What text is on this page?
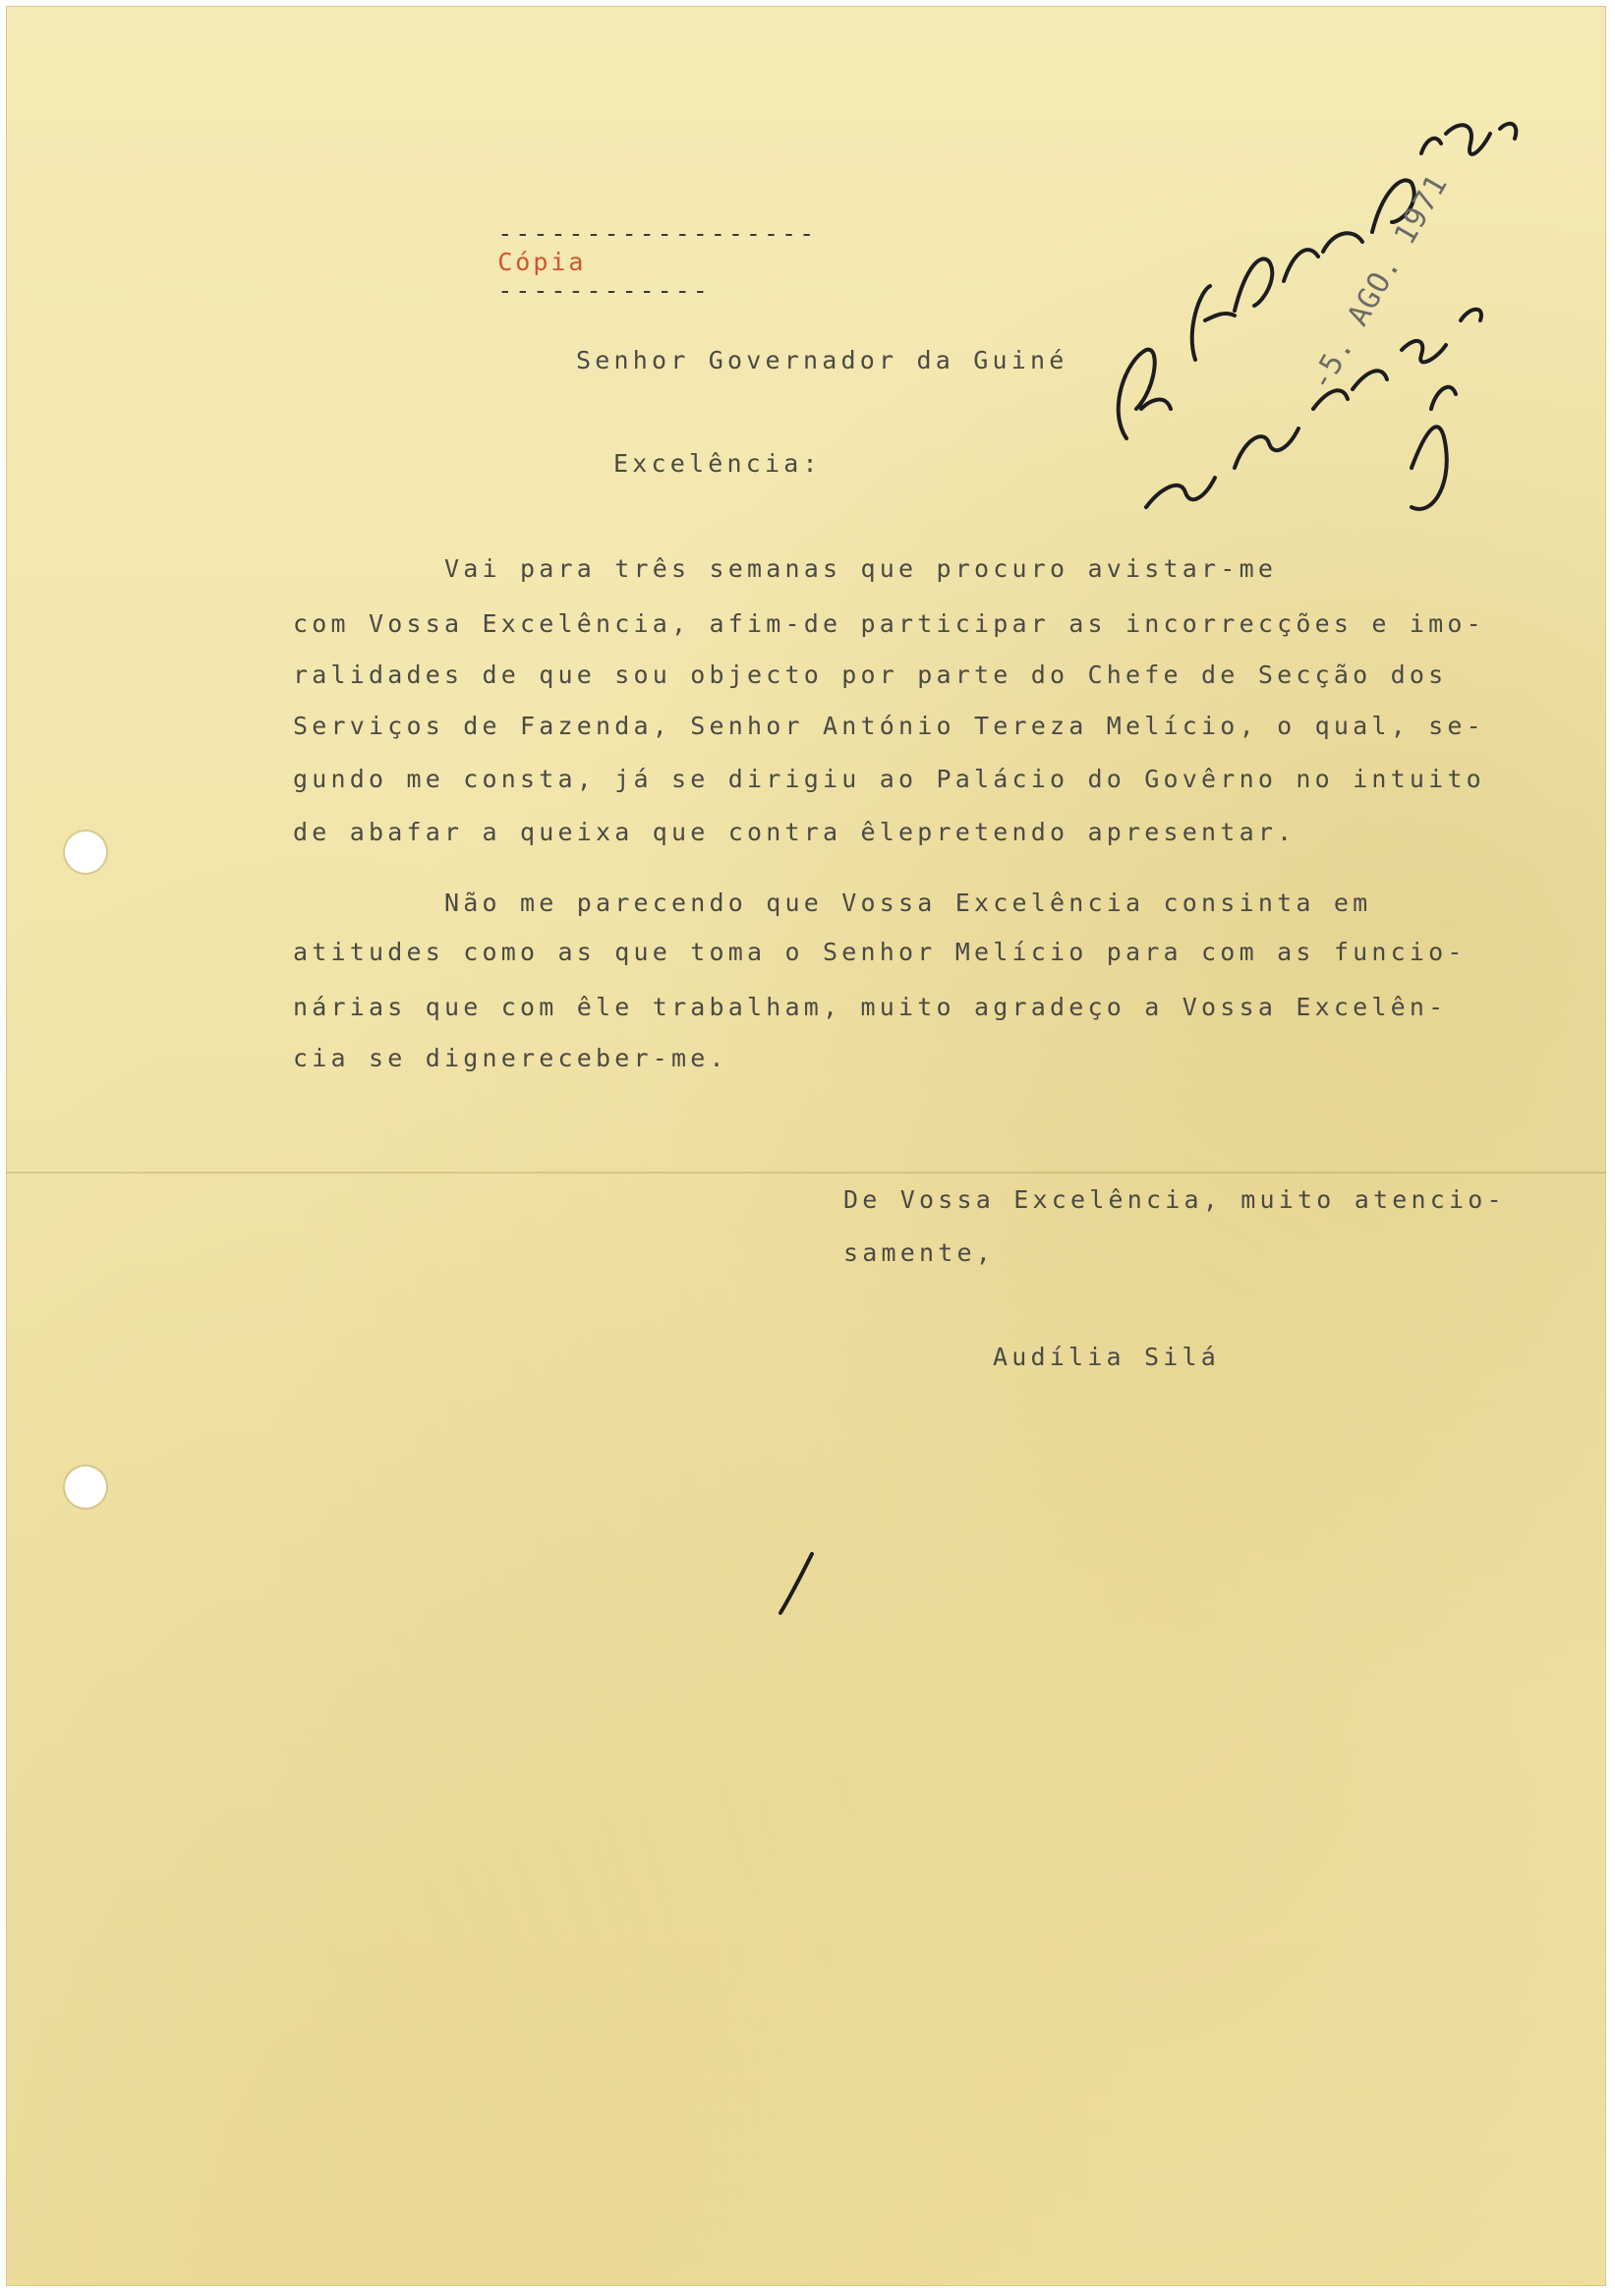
------------------
Cópia
------------

Senhor Governador da Guiné
Excelência:
Vai para três semanas que procuro avistar-me
com Vossa Excelência, afim-de participar as incorrecções e imo-
ralidades de que sou objecto por parte do Chefe de Secção dos
Serviços de Fazenda, Senhor António Tereza Melício, o qual, se-
gundo me consta, já se dirigiu ao Palácio do Govêrno no intuito
de abafar a queixa que contra êlepretendo apresentar.
Não me parecendo que Vossa Excelência consinta em
atitudes como as que toma o Senhor Melício para com as funcio-
nárias que com êle trabalham, muito agradeço a Vossa Excelên-
cia se dignereceber-me.
De Vossa Excelência, muito atencio-
samente,
Audília Silá
-5. AGO. 1971
